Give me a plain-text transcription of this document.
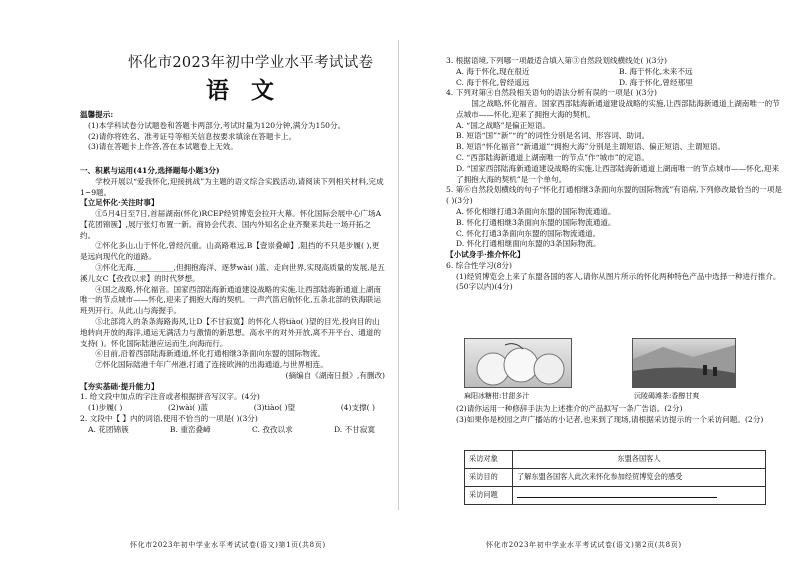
怀化市2023年初中学业水平考试试卷
语 文
温馨提示:
(1)本学科试卷分试题卷和答题卡两部分,考试时量为120分钟,满分为150分。
(2)请你将姓名、准考证号等相关信息按要求填涂在答题卡上。
(3)请在答题卡上作答,答在本试题卷上无效。
一、积累与运用(41分,选择题每小题3分)
学校开展以“爱我怀化,迎接挑战”为主题的语文综合实践活动,请阅读下列相关材料,完成1~9题。
【立足怀化·关注时事】
①5月4日至7日,首届湖南(怀化)RCEP经贸博览会拉开大幕。怀化国际会展中心广场A【花团锦簇】,展厅张灯布置一新。商协会代表、国内外知名企业齐聚来共赴一场开拓之约。
②怀化多山,山于怀化,曾经沉重。山高路难远,B【壹崇叠嶂】,阻挡的不只是步履( ),更是远向现代化的道路。
③怀化无海,__________,但拥抱海洋、逐梦wài( )蓝、走向世界,实现高质量的发展,是五溪儿女C【孜孜以求】的时代梦想。
④国之战略,怀化福音。国家西部陆海新通道建设战略的实施,让西部陆海新通道上湖南唯一的节点城市——怀化,迎来了拥抱大海的契机。一声汽笛启航怀化,五条北部的铁海联运班列开行。从此,山与海握手。
⑤北部湾入的条条海路海风,让D【不甘寂寞】的怀化人将tiào( )望的目光,投向目的山地转向开放的海洋,通运无满活力与激情的新思想。高水平的对外开放,离不开平台、通道的支持( )。怀化国际陆港应运而生,向海而行。
⑥目前,沿着西部陆海新通道,怀化打通相继3条面向东盟的国际物流。
⑦怀化国际陆港千年广州港,打通了连接欧洲的出海通道,与世界相连。
(摘编自《湖南日报》,有删改)
【夯实基础·提升能力】
1. 给文段中加点的字注音或者根据拼音写汉字。(4分)
(1)步履( )	(2)wài( )蓝	(3)tiào( )望	(4)支撑( )
2. 文段中【 】内的词语,使用不恰当的一项是( )(3分)
A. 花团锦簇	B. 重峦叠嶂	C. 孜孜以求	D. 不甘寂寞
怀化市2023年初中学业水平考试试卷(语文)第1页(共8页)
3. 根据语境,下列哪一项最适合填入第③自然段划线横线处( )(3分)
A. 海于怀化,现在很近	B. 海于怀化,未来不远
C. 海于怀化,曾经遥远	D. 海于怀化,曾经那里
4. 下列对第④自然段相关语句的语法分析有误的一项是( )(3分)
国之战略,怀化福音。国家西部陆海新通道建设战略的实施,让西部陆海新通道上湖南唯一的节点城市——怀化,迎来了拥抱大海的契机。
A. “国之战略”是偏正短语。
B. 短语“国”“新”“的”的词性分别是名词、形容词、助词。
B. 短语“怀化福音”“新通道”“拥抱大海”分别是主谓短语、偏正短语、主谓短语。
C. “西部陆海新通道上湖南唯一的节点”作“城市”的定语。
D. “国家西部陆海新通道建设战略的实施,让西部陆海新通道上湖南唯一的节点城市——怀化,迎来了拥抱大海的契机”是一个单句。
5. 第⑥自然段划横线的句子“怀化打通相继3条面向东盟的国际物流”有语病,下列修改最恰当的一项是( )(3分)
A. 怀化相继打通3条面向东盟的国际物流通道。
B. 怀化打通相继3条面向东盟的国际物流通道。
C. 怀化打通3条面向东盟的国际物流通道。
D. 怀化打通相继面向东盟的3条国际物流。
【小试身手·推介怀化】
6. 综合性学习(8分)
(1)经贸博览会上来了东盟各国的客人,请你从图片所示的怀化两种特色产品中选择一种进行推介。(50字以内)(4分)
麻阳冰糖柑:甘甜多汁	沅陵碣滩茶:香醇甘爽
(2)请你运用一种修辞手法为上述推介的产品拟写一条广告语。(2分)
(3)如果你是校园之声广播站的小记者,也来到了现场,请根据采访提示的一个采访问题。(2分)
采访对象	东盟各国客人
采访目的	了解东盟各国客人此次来怀化参加经贸博览会的感受
采访问题	
怀化市2023年初中学业水平考试试卷(语文)第2页(共8页)
